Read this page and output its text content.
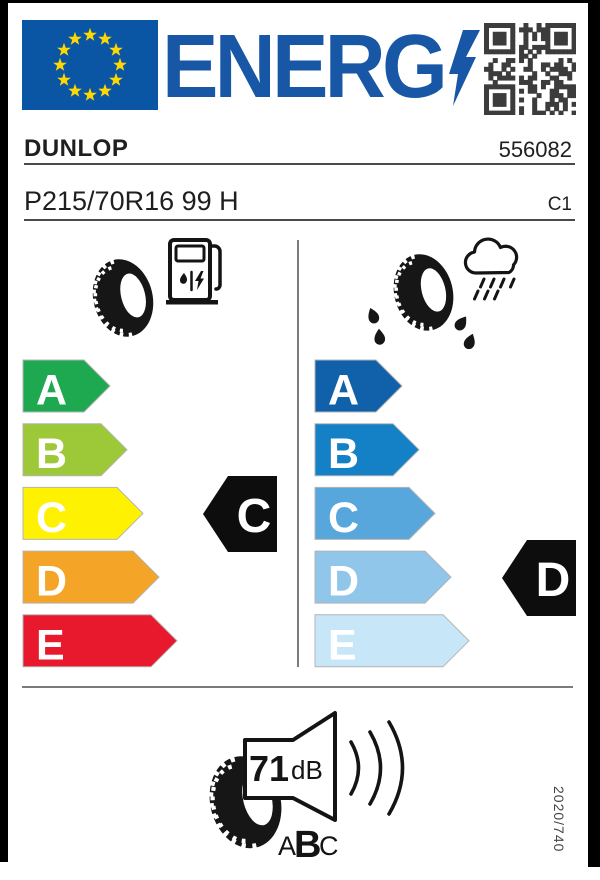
ENERG
DUNLOP	556082
P215/70R16 99 H	C1
A
B
C
D
E
A
B
C
D
E
C
D
71 dB
A
B
C	2020/740
